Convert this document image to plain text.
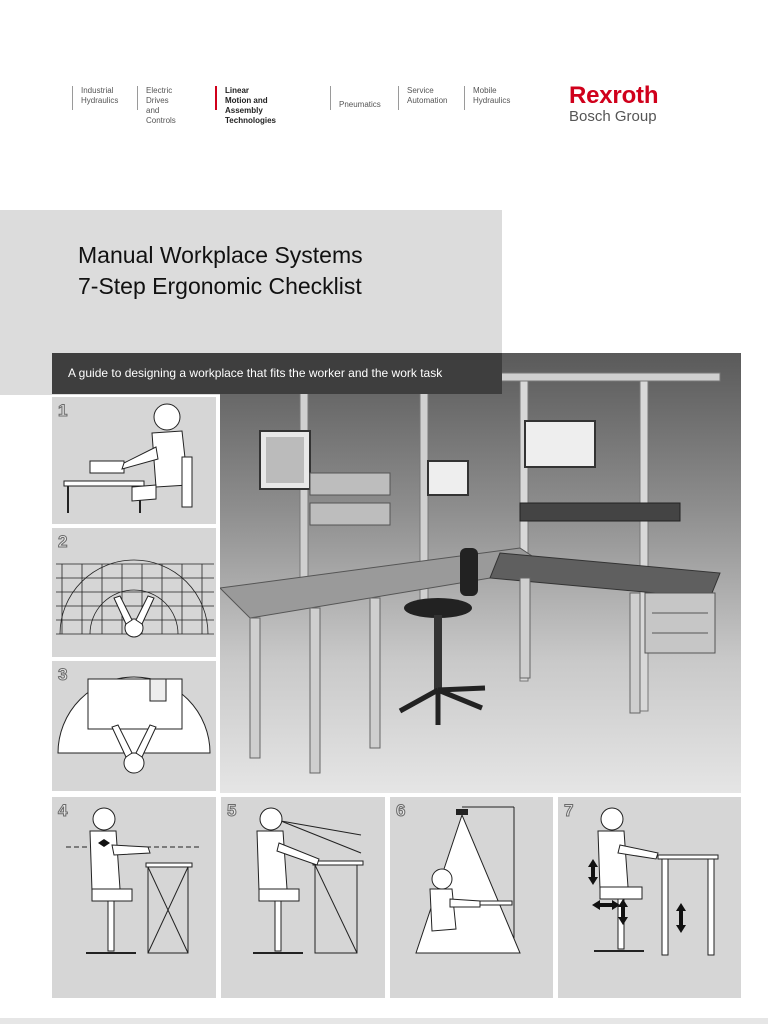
Industrial
Hydraulics
Electric Drives
and Controls
Linear Motion and
Assembly Technologies
Pneumatics
Service
Automation
Mobile
Hydraulics Rexroth
Bosch Group
Manual Workplace Systems
7-Step Ergonomic Checklist
A guide to designing a workplace that fits the worker and the work task
1
2
3
4	5	6	7
